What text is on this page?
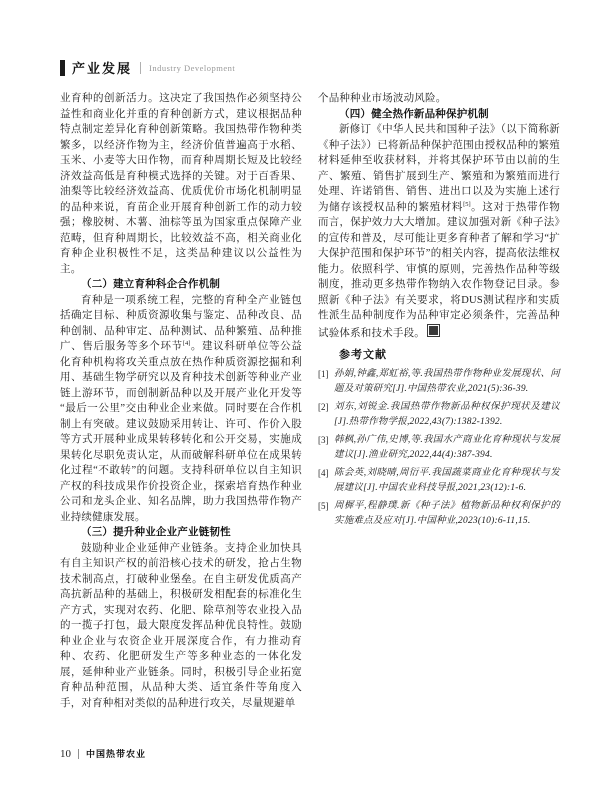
产业发展 Industry Development

业育种的创新活力。这决定了我国热作必须坚持公益性和商业化并重的育种创新方式，建议根据品种特点制定差异化育种创新策略。我国热带作物种类繁多，以经济作物为主，经济价值普遍高于水稻、玉米、小麦等大田作物，而育种周期长短及比较经济效益高低是育种模式选择的关键。对于百香果、油梨等比较经济效益高、优质优价市场化机制明显的品种来说，育苗企业开展育种创新工作的动力较强；橡胶树、木薯、油棕等虽为国家重点保障产业范畴，但育种周期长，比较效益不高，相关商业化育种企业积极性不足，这类品种建议以公益性为主。

（二）建立育种科企合作机制

育种是一项系统工程，完整的育种全产业链包括确定目标、种质资源收集与鉴定、品种改良、品种创制、品种审定、品种测试、品种繁殖、品种推广、售后服务等多个环节[4]。建议科研单位等公益化育种机构将攻关重点放在热作种质资源挖掘和利用、基础生物学研究以及育种技术创新等种业产业链上游环节，而创制新品种以及开展产业化开发等“最后一公里”交由种业企业来做。同时要在合作机制上有突破。建议鼓励采用转让、许可、作价入股等方式开展种业成果转移转化和公开交易，实施成果转化尽职免责认定，从而破解科研单位在成果转化过程“不敢转”的问题。支持科研单位以自主知识产权的科技成果作价投资企业，探索培育热作种业公司和龙头企业、知名品牌，助力我国热带作物产业持续健康发展。

（三）提升种业企业产业链韧性

鼓励种业企业延伸产业链条。支持企业加快具有自主知识产权的前沿核心技术的研发，抢占生物技术制高点，打破种业堡垒。在自主研发优质高产高抗新品种的基础上，积极研发相配套的标准化生产方式，实现对农药、化肥、除草剂等农业投入品的一揽子打包，最大限度发挥品种优良特性。鼓励种业企业与农资企业开展深度合作，有力推动育种、农药、化肥研发生产等多种业态的一体化发展，延伸种业产业链条。同时，积极引导企业拓宽育种品种范围，从品种大类、适宜条件等角度入手，对育种相对类似的品种进行攻关，尽量规避单

个品种种业市场波动风险。

（四）健全热作新品种保护机制

新修订《中华人民共和国种子法》（以下简称新《种子法》）已将新品种保护范围由授权品种的繁殖材料延伸至收获材料，并将其保护环节由以前的生产、繁殖、销售扩展到生产、繁殖和为繁殖而进行处理、许诺销售、销售、进出口以及为实施上述行为储存该授权品种的繁殖材料[5]。这对于热带作物而言，保护效力大大增加。建议加强对新《种子法》的宣传和普及，尽可能让更多育种者了解和学习“扩大保护范围和保护环节”的相关内容，提高依法维权能力。依照科学、审慎的原则，完善热作品种等级制度，推动更多热带作物纳入农作物登记目录。参照新《种子法》有关要求，将DUS测试程序和实质性派生品种制度作为品种审定必须条件，完善品种试验体系和技术手段。

参考文献
[1] 孙娟,钟鑫,郑虹裕,等.我国热带作物种业发展现状、问题及对策研究[J].中国热带农业,2021(5):36-39.
[2] 刘东,刘锐金.我国热带作物新品种权保护现状及建议[J].热带作物学报,2022,43(7):1382-1392.
[3] 韩枫,孙广伟,史博,等.我国水产商业化育种现状与发展建议[J].渔业研究,2022,44(4):387-394.
[4] 陈会英,刘晓晴,周衍平.我国蔬菜商业化育种现状与发展建议[J].中国农业科技导报,2021,23(12):1-6.
[5] 周樨平,程静璞.新《种子法》植物新品种权利保护的实施难点及应对[J].中国种业,2023(10):6-11,15.
10 中国热带农业
